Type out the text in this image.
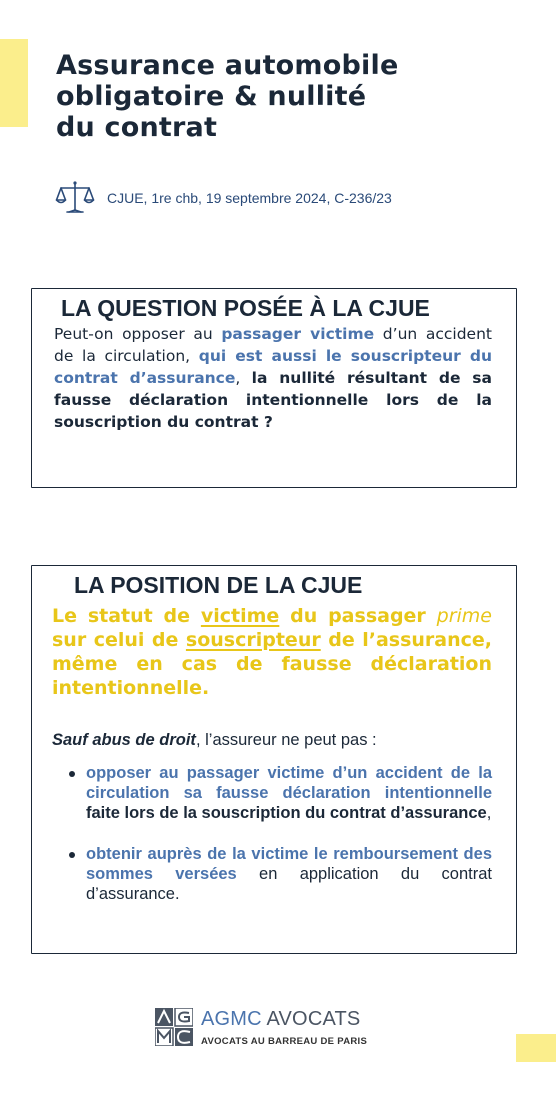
Assurance automobile
obligatoire & nullité
du contrat
CJUE, 1re chb, 19 septembre 2024, C-236/23
LA QUESTION POSÉE À LA CJUE

Peut-on opposer au passager victime d’un accident de la circulation, qui est aussi le souscripteur du contrat d’assurance, la nullité résultant de sa fausse déclaration intentionnelle lors de la souscription du contrat ?

LA POSITION DE LA CJUE

Le statut de victime du passager prime sur celui de souscripteur de l’assurance, même en cas de fausse déclaration intentionnelle.

Sauf abus de droit, l’assureur ne peut pas :

opposer au passager victime d’un accident de la circulation sa fausse déclaration intentionnelle faite lors de la souscription du contrat d’assurance,
obtenir auprès de la victime le remboursement des sommes versées en application du contrat d’assurance.
AGMC AVOCATS
AVOCATS AU BARREAU DE PARIS
